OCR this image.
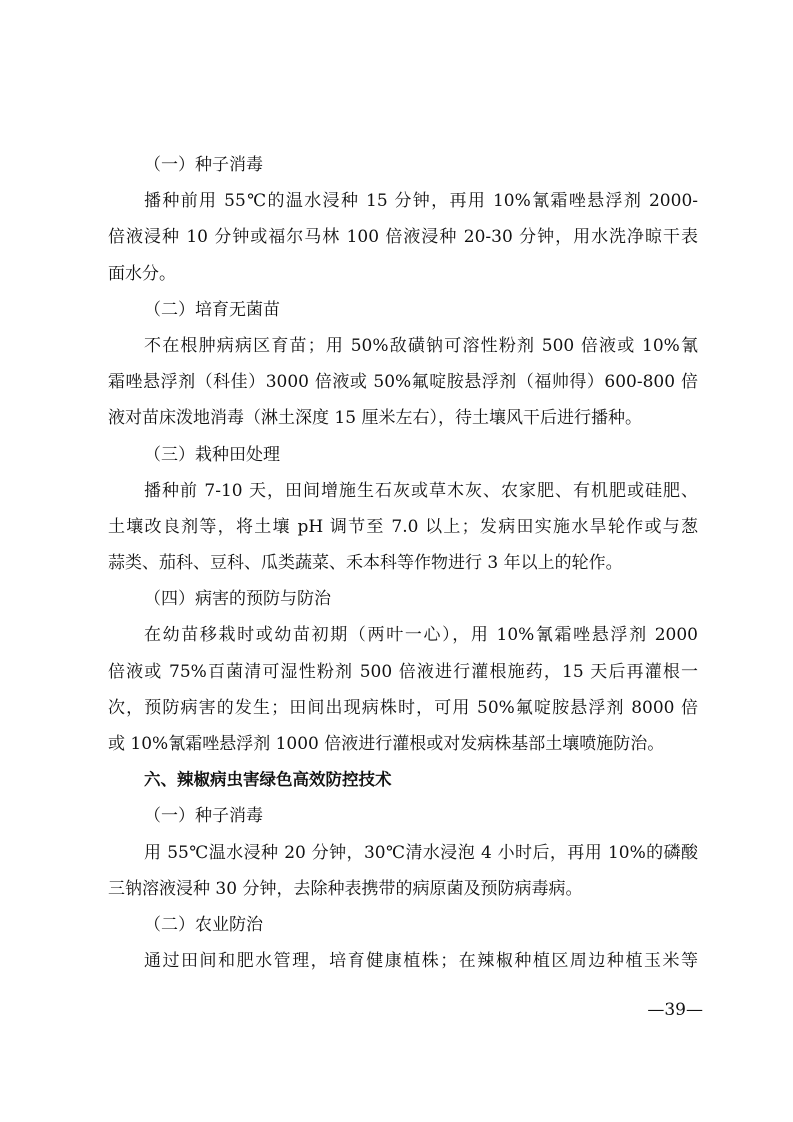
（一）种子消毒
播种前用 55℃的温水浸种 15 分钟，再用 10%氰霜唑悬浮剂 2000-
倍液浸种 10 分钟或福尔马林 100 倍液浸种 20-30 分钟，用水洗净晾干表
面水分。
（二）培育无菌苗
不在根肿病病区育苗；用 50%敌磺钠可溶性粉剂 500 倍液或 10%氰
霜唑悬浮剂（科佳）3000 倍液或 50%氟啶胺悬浮剂（福帅得）600-800 倍
液对苗床泼地消毒（淋土深度 15 厘米左右），待土壤风干后进行播种。
（三）栽种田处理
播种前 7-10 天，田间增施生石灰或草木灰、农家肥、有机肥或硅肥、
土壤改良剂等，将土壤 pH 调节至 7.0 以上；发病田实施水旱轮作或与葱
蒜类、茄科、豆科、瓜类蔬菜、禾本科等作物进行 3 年以上的轮作。
（四）病害的预防与防治
在幼苗移栽时或幼苗初期（两叶一心），用 10%氰霜唑悬浮剂 2000
倍液或 75%百菌清可湿性粉剂 500 倍液进行灌根施药，15 天后再灌根一
次，预防病害的发生；田间出现病株时，可用 50%氟啶胺悬浮剂 8000 倍
或 10%氰霜唑悬浮剂 1000 倍液进行灌根或对发病株基部土壤喷施防治。
六、辣椒病虫害绿色高效防控技术
（一）种子消毒
用 55℃温水浸种 20 分钟，30℃清水浸泡 4 小时后，再用 10%的磷酸
三钠溶液浸种 30 分钟，去除种表携带的病原菌及预防病毒病。
（二）农业防治
通过田间和肥水管理，培育健康植株；在辣椒种植区周边种植玉米等
—39—
